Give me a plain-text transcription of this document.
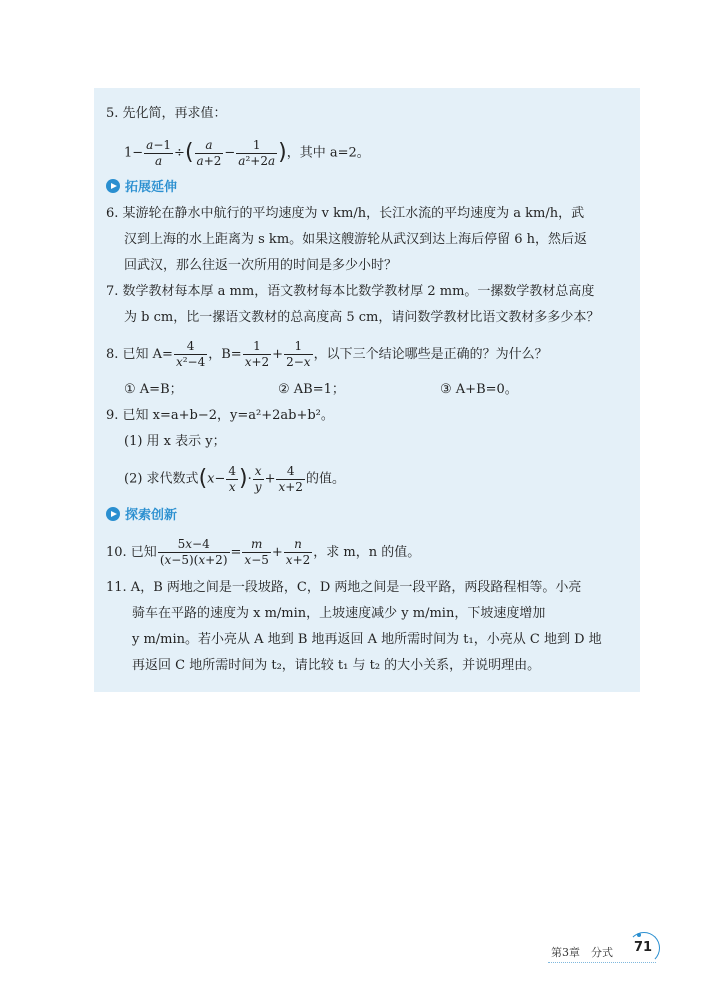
5. 先化简，再求值：
$1- \frac{a-1}{a}$ ÷( $\frac{a}{a+2} - \frac{1}{\text{a²+2a}}$ )，其中 a=2。
拓展延伸
6. 某游轮在静水中航行的平均速度为 v km/h，长江水流的平均速度为 a km/h，武
汉到上海的水上距离为 s km。如果这艘游轮从武汉到达上海后停留 6 h，然后返
回武汉，那么往返一次所用的时间是多少小时？
7. 数学教材每本厚 a mm，语文教材每本比数学教材厚 2 mm。一摞数学教材总高度
为 b cm，比一摞语文教材的总高度高 5 cm，请问数学教材比语文教材多多少本？
8. 已知 $A= \frac{4}{\text{x²−4}}$ ，$B= \frac{1}{x+2} + \frac{1}{2-x}$ ，以下三个结论哪些是正确的？为什么？
① A=B；	② AB=1；	③ A+B=0。
9. 已知 x=a+b−2，y=a²+2ab+b²。
(1) 用 x 表示 y；
(2) 求代数式($x- \frac{4}{x}$ )· $\frac{x}{y} + \frac{4}{x+2}$ 的值。
探索创新
10. 已知 $\frac{5x-4}{(x-5)(x+2)} = \frac{m}{x-5} + \frac{n}{x+2}$ ，求 m，n 的值。
11. A，B 两地之间是一段坡路，C，D 两地之间是一段平路，两段路程相等。小亮
骑车在平路的速度为 x m/min，上坡速度减少 y m/min，下坡速度增加
y m/min。若小亮从 A 地到 B 地再返回 A 地所需时间为 t₁，小亮从 C 地到 D 地
再返回 C 地所需时间为 t₂，请比较 t₁ 与 t₂ 的大小关系，并说明理由。
第3章　分式 71
